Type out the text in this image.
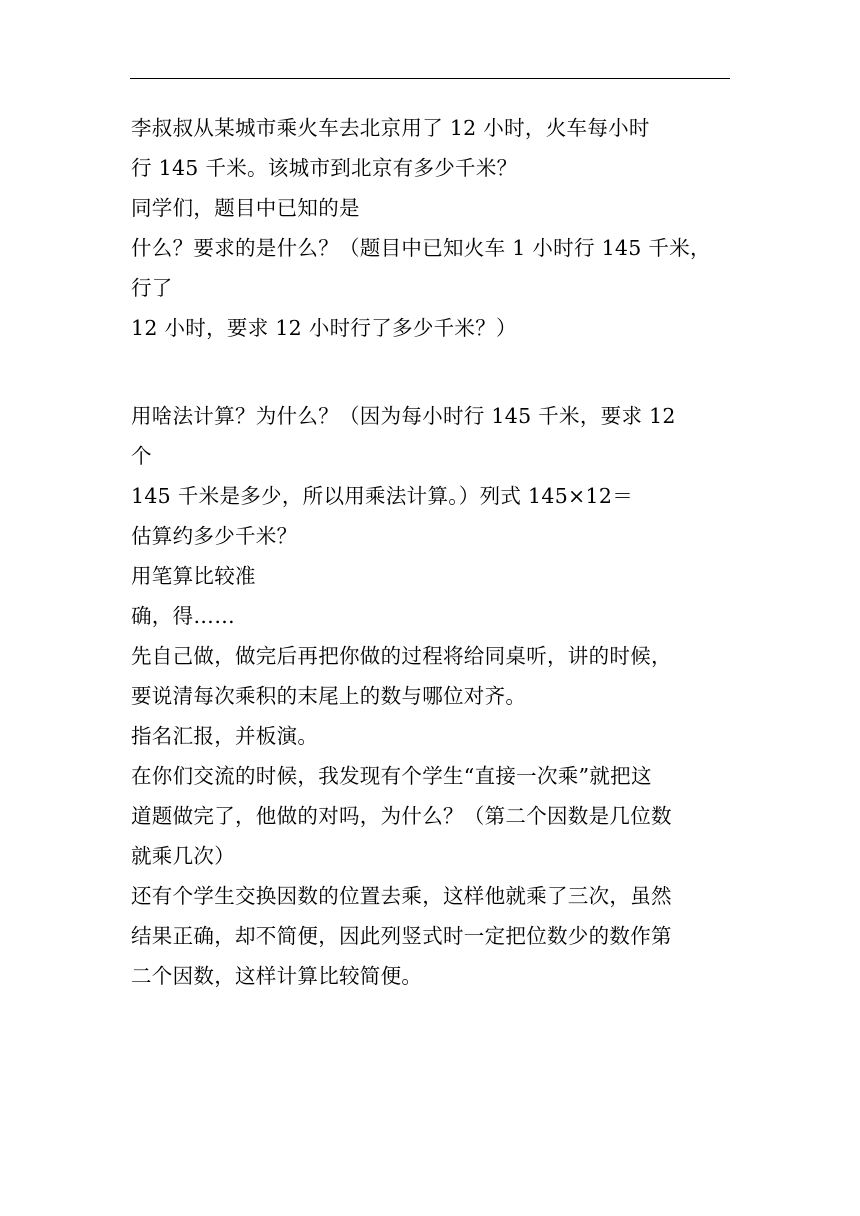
李叔叔从某城市乘火车去北京用了 12 小时，火车每小时
行 145 千米。该城市到北京有多少千米？
同学们，题目中已知的是
什么？要求的是什么？（题目中已知火车 1 小时行 145 千米，
行了
12 小时，要求 12 小时行了多少千米？）
用啥法计算？为什么？（因为每小时行 145 千米，要求 12
个
145 千米是多少，所以用乘法计算。）列式 145×12＝
估算约多少千米？
用笔算比较准
确，得……
先自己做，做完后再把你做的过程将给同桌听，讲的时候，
要说清每次乘积的末尾上的数与哪位对齐。
指名汇报，并板演。
在你们交流的时候，我发现有个学生“直接一次乘”就把这
道题做完了，他做的对吗，为什么？（第二个因数是几位数
就乘几次）
还有个学生交换因数的位置去乘，这样他就乘了三次，虽然
结果正确，却不简便，因此列竖式时一定把位数少的数作第
二个因数，这样计算比较简便。
